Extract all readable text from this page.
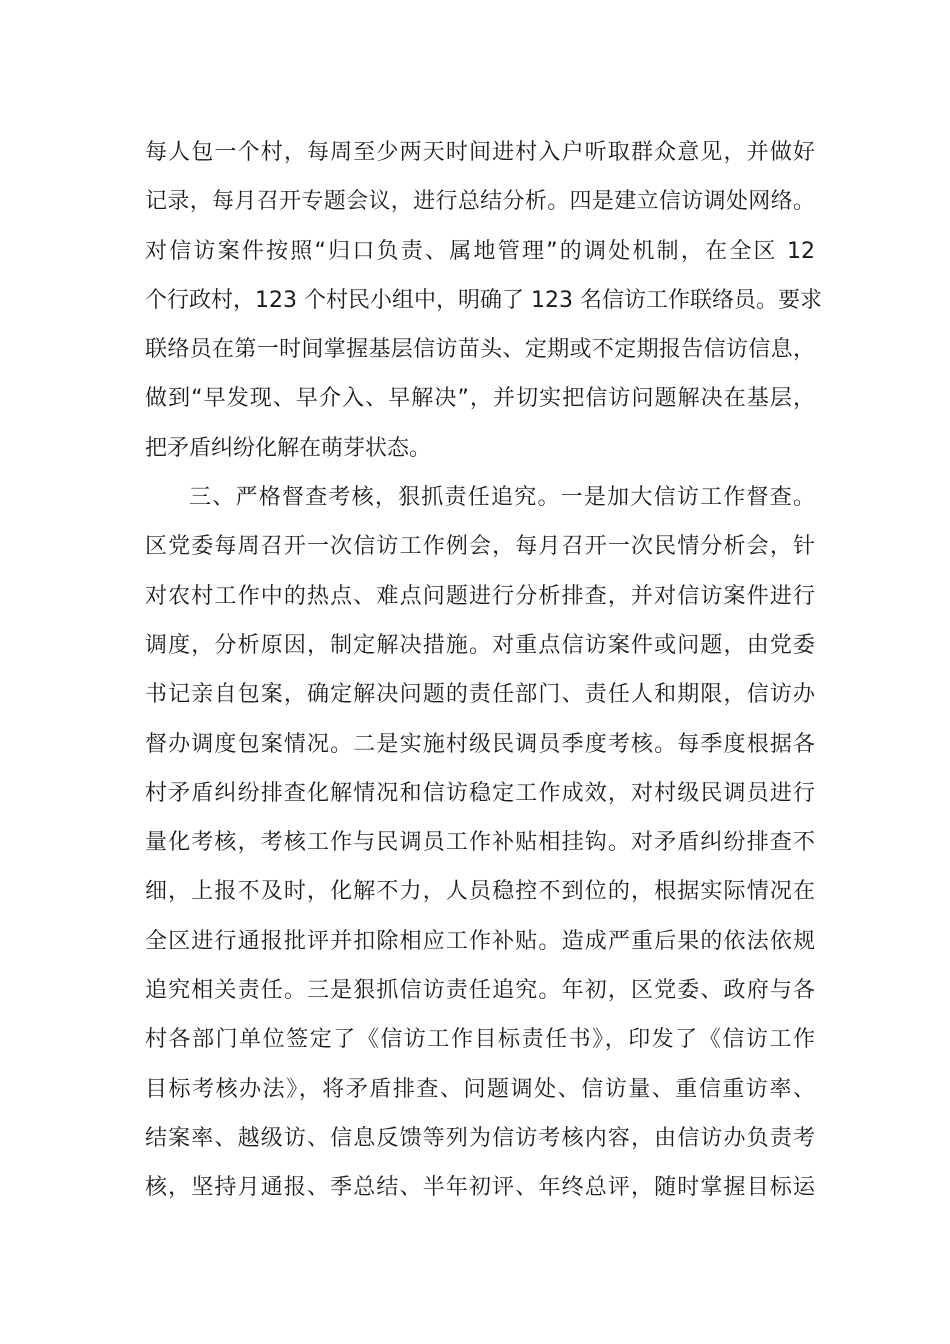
每人包一个村，每周至少两天时间进村入户听取群众意见，并做好
记录，每月召开专题会议，进行总结分析。四是建立信访调处网络。
对信访案件按照“归口负责、属地管理”的调处机制，在全区 12
个行政村，123 个村民小组中，明确了 123 名信访工作联络员。要求
联络员在第一时间掌握基层信访苗头、定期或不定期报告信访信息，
做到“早发现、早介入、早解决”，并切实把信访问题解决在基层，
把矛盾纠纷化解在萌芽状态。
三、严格督查考核，狠抓责任追究。一是加大信访工作督查。
区党委每周召开一次信访工作例会，每月召开一次民情分析会，针
对农村工作中的热点、难点问题进行分析排查，并对信访案件进行
调度，分析原因，制定解决措施。对重点信访案件或问题，由党委
书记亲自包案，确定解决问题的责任部门、责任人和期限，信访办
督办调度包案情况。二是实施村级民调员季度考核。每季度根据各
村矛盾纠纷排查化解情况和信访稳定工作成效，对村级民调员进行
量化考核，考核工作与民调员工作补贴相挂钩。对矛盾纠纷排查不
细，上报不及时，化解不力，人员稳控不到位的，根据实际情况在
全区进行通报批评并扣除相应工作补贴。造成严重后果的依法依规
追究相关责任。三是狠抓信访责任追究。年初，区党委、政府与各
村各部门单位签定了《信访工作目标责任书》，印发了《信访工作
目标考核办法》，将矛盾排查、问题调处、信访量、重信重访率、
结案率、越级访、信息反馈等列为信访考核内容，由信访办负责考
核，坚持月通报、季总结、半年初评、年终总评，随时掌握目标运
